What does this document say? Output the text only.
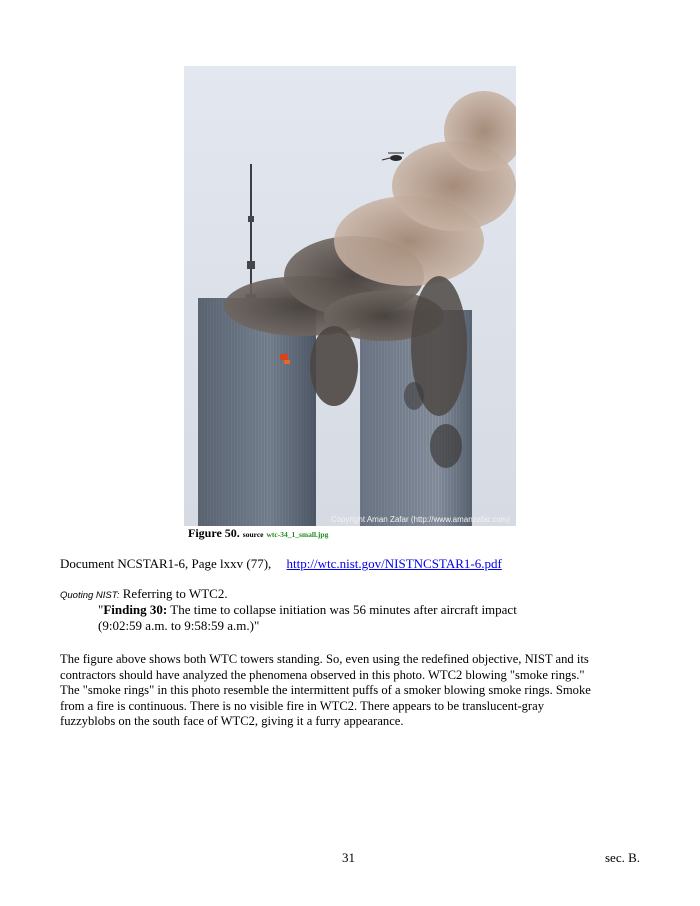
Copyright Aman Zafar (http://www.amanzafar.com)
Figure 50. source wtc-34_1_small.jpg
Document NCSTAR1-6, Page lxxv (77), http://wtc.nist.gov/NISTNCSTAR1-6.pdf
Quoting NIST: Referring to WTC2.
"Finding 30: The time to collapse initiation was 56 minutes after aircraft impact
(9:02:59 a.m. to 9:58:59 a.m.)"
The figure above shows both WTC towers standing. So, even using the redefined objective, NIST and its
contractors should have analyzed the phenomena observed in this photo. WTC2 blowing "smoke rings."
The "smoke rings" in this photo resemble the intermittent puffs of a smoker blowing smoke rings. Smoke
from a fire is continuous. There is no visible fire in WTC2. There appears to be translucent-gray
fuzzyblobs on the south face of WTC2, giving it a furry appearance.
31	sec. B.
